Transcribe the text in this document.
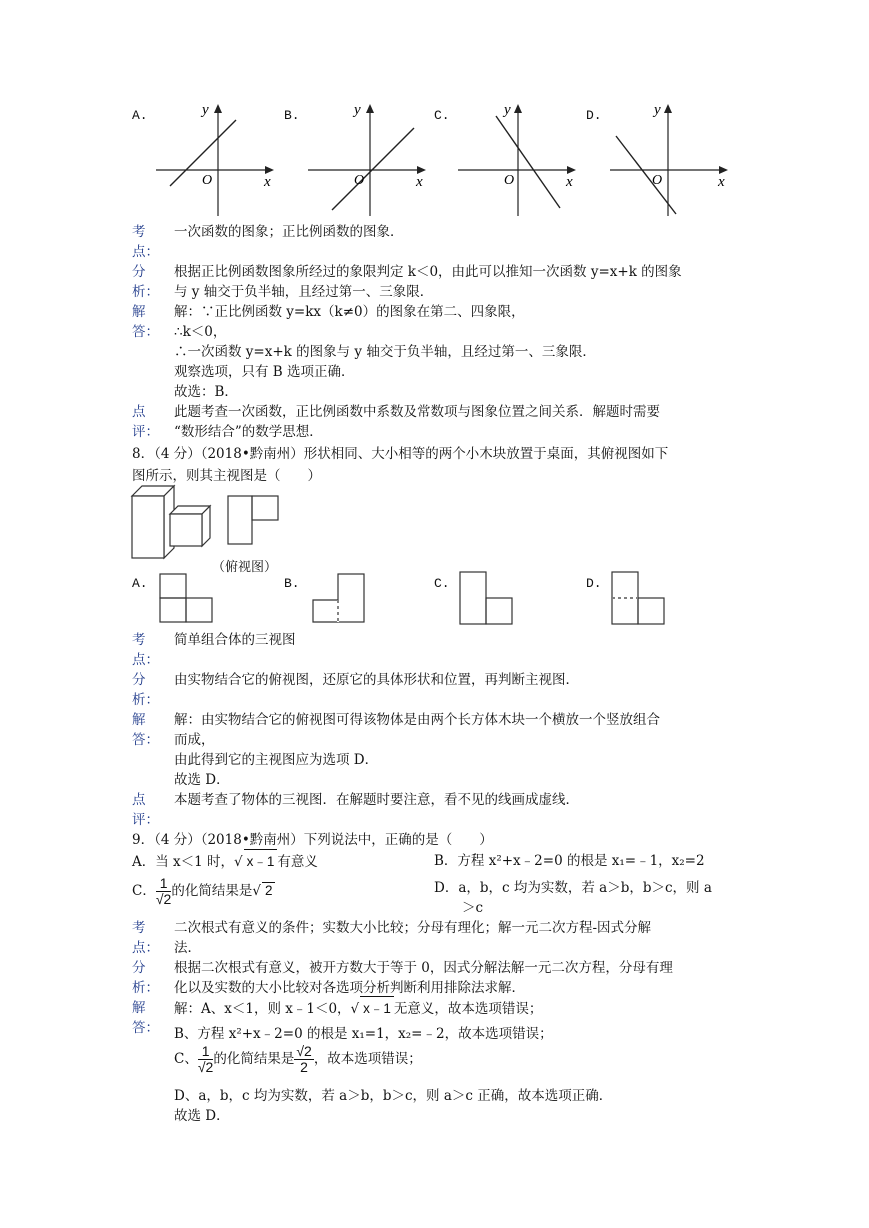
A.	B.	C.	D.
y
x
O
y
x
O
y
x
O
y
x
O
考
点：
一次函数的图象；正比例函数的图象．
分
析：
根据正比例函数图象所经过的象限判定 k＜0，由此可以推知一次函数 y=x+k 的图象
与 y 轴交于负半轴，且经过第一、三象限．
解
答：
解：∵正比例函数 y=kx（k≠0）的图象在第二、四象限，
∴k＜0，
∴一次函数 y=x+k 的图象与 y 轴交于负半轴，且经过第一、三象限．
观察选项，只有 B 选项正确．
故选：B．
点
评：
此题考查一次函数，正比例函数中系数及常数项与图象位置之间关系．解题时需要
“数形结合”的数学思想．
8．（4 分）（2018•黔南州）形状相同、大小相等的两个小木块放置于桌面，其俯视图如下
图所示，则其主视图是（　　）
（俯视图）
A.	B.	C.	D.
考
点：
简单组合体的三视图
分
析：
由实物结合它的俯视图，还原它的具体形状和位置，再判断主视图．
解
答：
解：由实物结合它的俯视图可得该物体是由两个长方体木块一个横放一个竖放组合
而成，
由此得到它的主视图应为选项 D．
故选 D．
点
评：
本题考查了物体的三视图．在解题时要注意，看不见的线画成虚线．
9．（4 分）（2018•黔南州）下列说法中，正确的是（　　）
A．当 x＜1 时，√ x﹣1 有意义	B．方程 x²+x﹣2=0 的根是 x₁=﹣1，x₂=2
C． $\frac{1}{√2}$ 的化简结果是√ 2	D．a，b，c 均为实数，若 a＞b，b＞c，则 a
＞c
考
点：
二次根式有意义的条件；实数大小比较；分母有理化；解一元二次方程-因式分解
法．
分
析：
根据二次根式有意义，被开方数大于等于 0，因式分解法解一元二次方程，分母有理
化以及实数的大小比较对各选项分析判断利用排除法求解．
解
答：
解：A、x＜1，则 x﹣1＜0，√ x﹣1 无意义，故本选项错误；
B、方程 x²+x﹣2=0 的根是 x₁=1，x₂=﹣2，故本选项错误；
C、 $\frac{1}{√2}$ 的化简结果是 $\frac{√2}{2}$ ，故本选项错误；
D、a，b，c 均为实数，若 a＞b，b＞c，则 a＞c 正确，故本选项正确．
故选 D．
